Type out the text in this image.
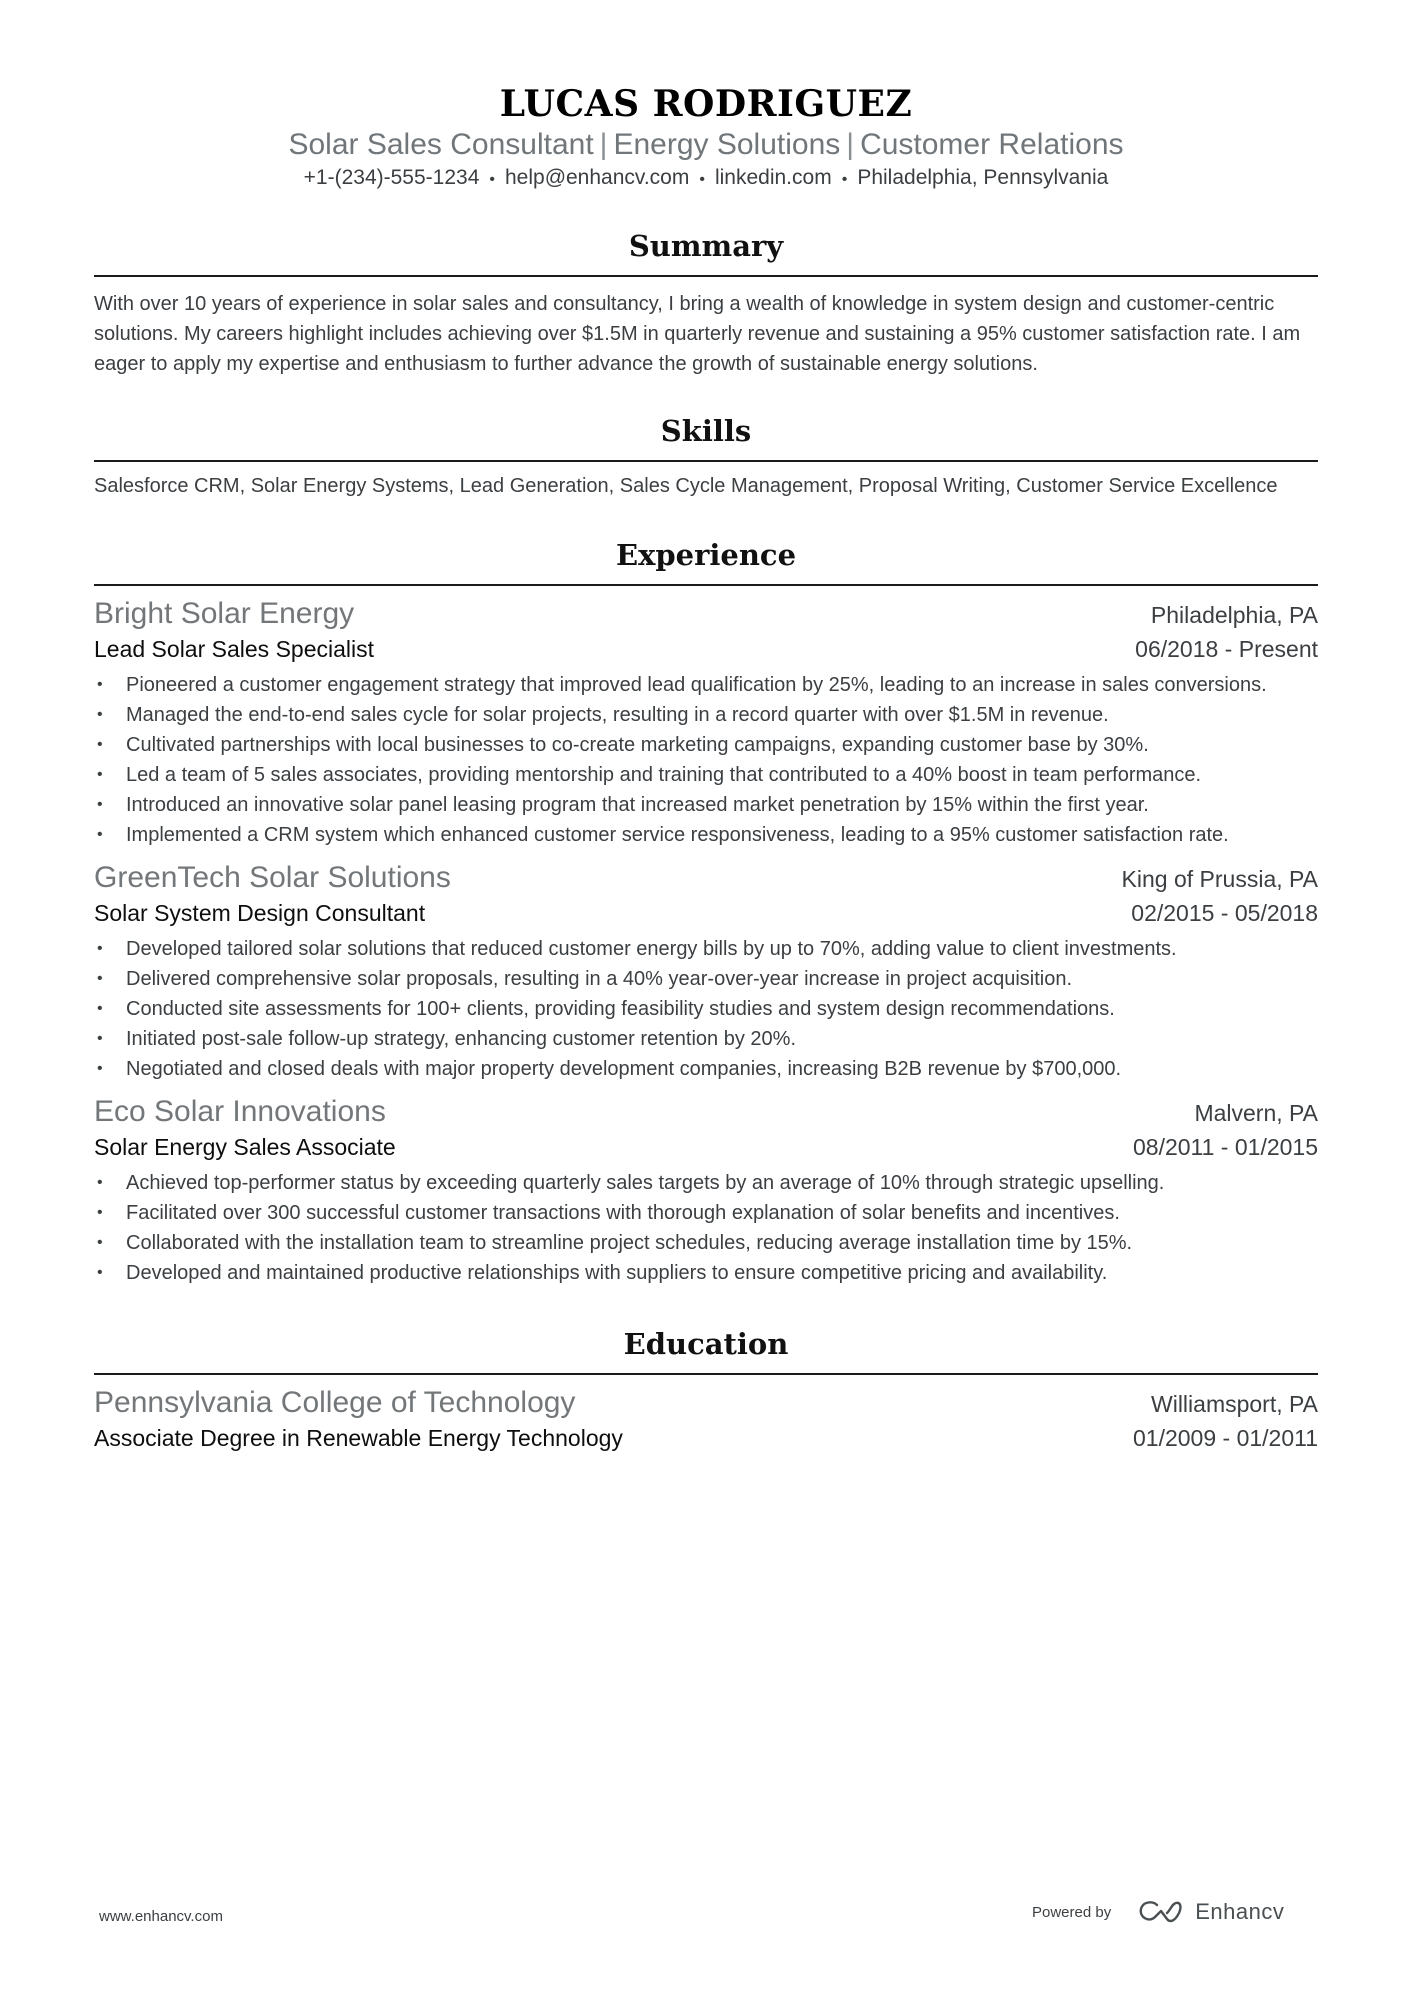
LUCAS RODRIGUEZ
Solar Sales Consultant | Energy Solutions | Customer Relations
+1-(234)-555-1234 • help@enhancv.com • linkedin.com • Philadelphia, Pennsylvania
Summary
With over 10 years of experience in solar sales and consultancy, I bring a wealth of knowledge in system design and customer-centric solutions. My careers highlight includes achieving over $1.5M in quarterly revenue and sustaining a 95% customer satisfaction rate. I am eager to apply my expertise and enthusiasm to further advance the growth of sustainable energy solutions.
Skills
Salesforce CRM, Solar Energy Systems, Lead Generation, Sales Cycle Management, Proposal Writing, Customer Service Excellence
Experience
Bright Solar Energy	Philadelphia, PA
Lead Solar Sales Specialist	06/2018 - Present
• Pioneered a customer engagement strategy that improved lead qualification by 25%, leading to an increase in sales conversions.
• Managed the end-to-end sales cycle for solar projects, resulting in a record quarter with over $1.5M in revenue.
• Cultivated partnerships with local businesses to co-create marketing campaigns, expanding customer base by 30%.
• Led a team of 5 sales associates, providing mentorship and training that contributed to a 40% boost in team performance.
• Introduced an innovative solar panel leasing program that increased market penetration by 15% within the first year.
• Implemented a CRM system which enhanced customer service responsiveness, leading to a 95% customer satisfaction rate.
GreenTech Solar Solutions	King of Prussia, PA
Solar System Design Consultant	02/2015 - 05/2018
• Developed tailored solar solutions that reduced customer energy bills by up to 70%, adding value to client investments.
• Delivered comprehensive solar proposals, resulting in a 40% year-over-year increase in project acquisition.
• Conducted site assessments for 100+ clients, providing feasibility studies and system design recommendations.
• Initiated post-sale follow-up strategy, enhancing customer retention by 20%.
• Negotiated and closed deals with major property development companies, increasing B2B revenue by $700,000.
Eco Solar Innovations	Malvern, PA
Solar Energy Sales Associate	08/2011 - 01/2015
• Achieved top-performer status by exceeding quarterly sales targets by an average of 10% through strategic upselling.
• Facilitated over 300 successful customer transactions with thorough explanation of solar benefits and incentives.
• Collaborated with the installation team to streamline project schedules, reducing average installation time by 15%.
• Developed and maintained productive relationships with suppliers to ensure competitive pricing and availability.
Education
Pennsylvania College of Technology	Williamsport, PA
Associate Degree in Renewable Energy Technology	01/2009 - 01/2011
www.enhancv.com	Powered by	Enhancv
